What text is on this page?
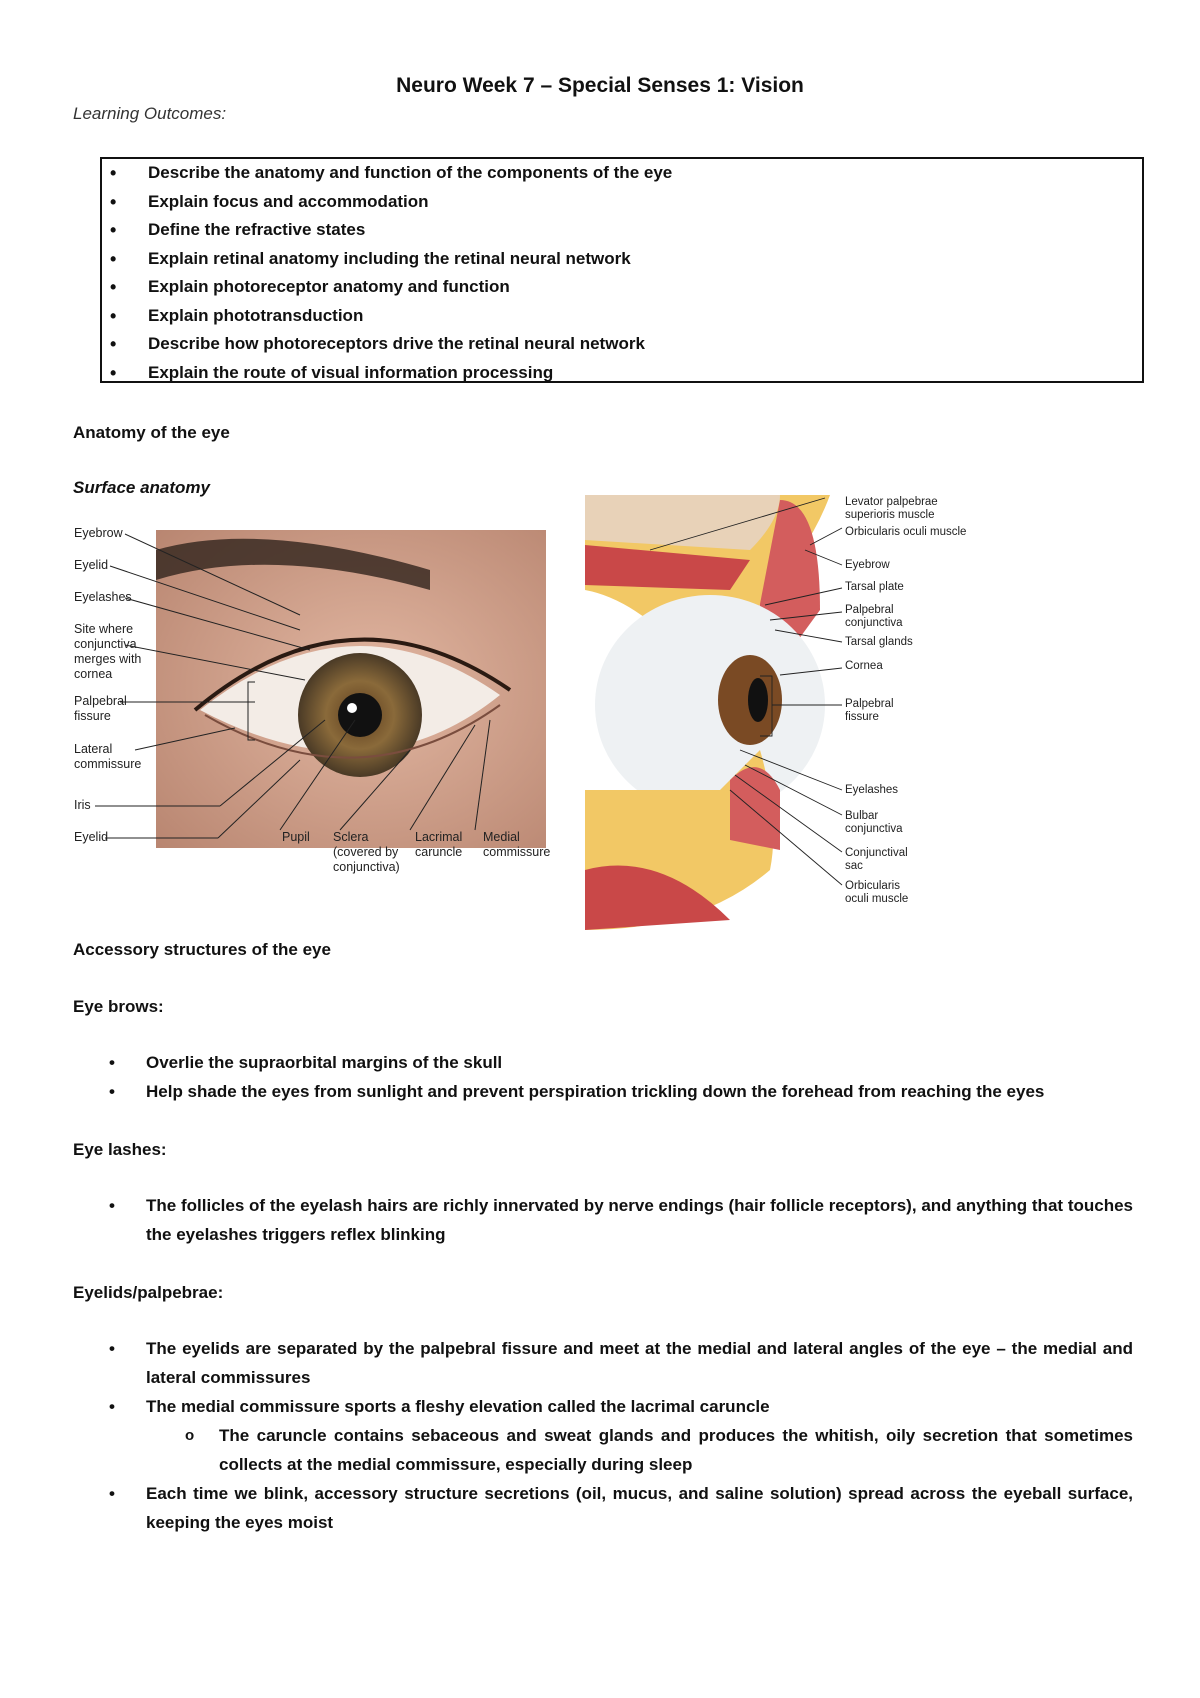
Neuro Week 7 – Special Senses 1: Vision
Learning Outcomes:
• Describe the anatomy and function of the components of the eye
• Explain focus and accommodation
• Define the refractive states
• Explain retinal anatomy including the retinal neural network
• Explain photoreceptor anatomy and function
• Explain phototransduction
• Describe how photoreceptors drive the retinal neural network
• Explain the route of visual information processing
Anatomy of the eye
Surface anatomy
Eyebrow
Eyelid
Eyelashes
Site where conjunctiva merges with cornea
Palpebral fissure
Lateral commissure
Iris
Eyelid	Pupil Sclera (covered by conjunctiva)
Lacrimal caruncle
Medial commissure
Levator palpebrae superioris muscle
Orbicularis oculi muscle
Eyebrow
Tarsal plate
Palpebral conjunctiva
Tarsal glands
Cornea
Palpebral fissure
Eyelashes
Bulbar conjunctiva
Conjunctival sac
Orbicularis oculi muscle
Accessory structures of the eye
Eye brows:
• Overlie the supraorbital margins of the skull
• Help shade the eyes from sunlight and prevent perspiration trickling down the forehead from reaching the eyes
Eye lashes:
• The follicles of the eyelash hairs are richly innervated by nerve endings (hair follicle receptors), and anything that touches the eyelashes triggers reflex blinking
Eyelids/palpebrae:
• The eyelids are separated by the palpebral fissure and meet at the medial and lateral angles of the eye – the medial and lateral commissures
• The medial commissure sports a fleshy elevation called the lacrimal caruncle
o The caruncle contains sebaceous and sweat glands and produces the whitish, oily secretion that sometimes collects at the medial commissure, especially during sleep
• Each time we blink, accessory structure secretions (oil, mucus, and saline solution) spread across the eyeball surface, keeping the eyes moist
